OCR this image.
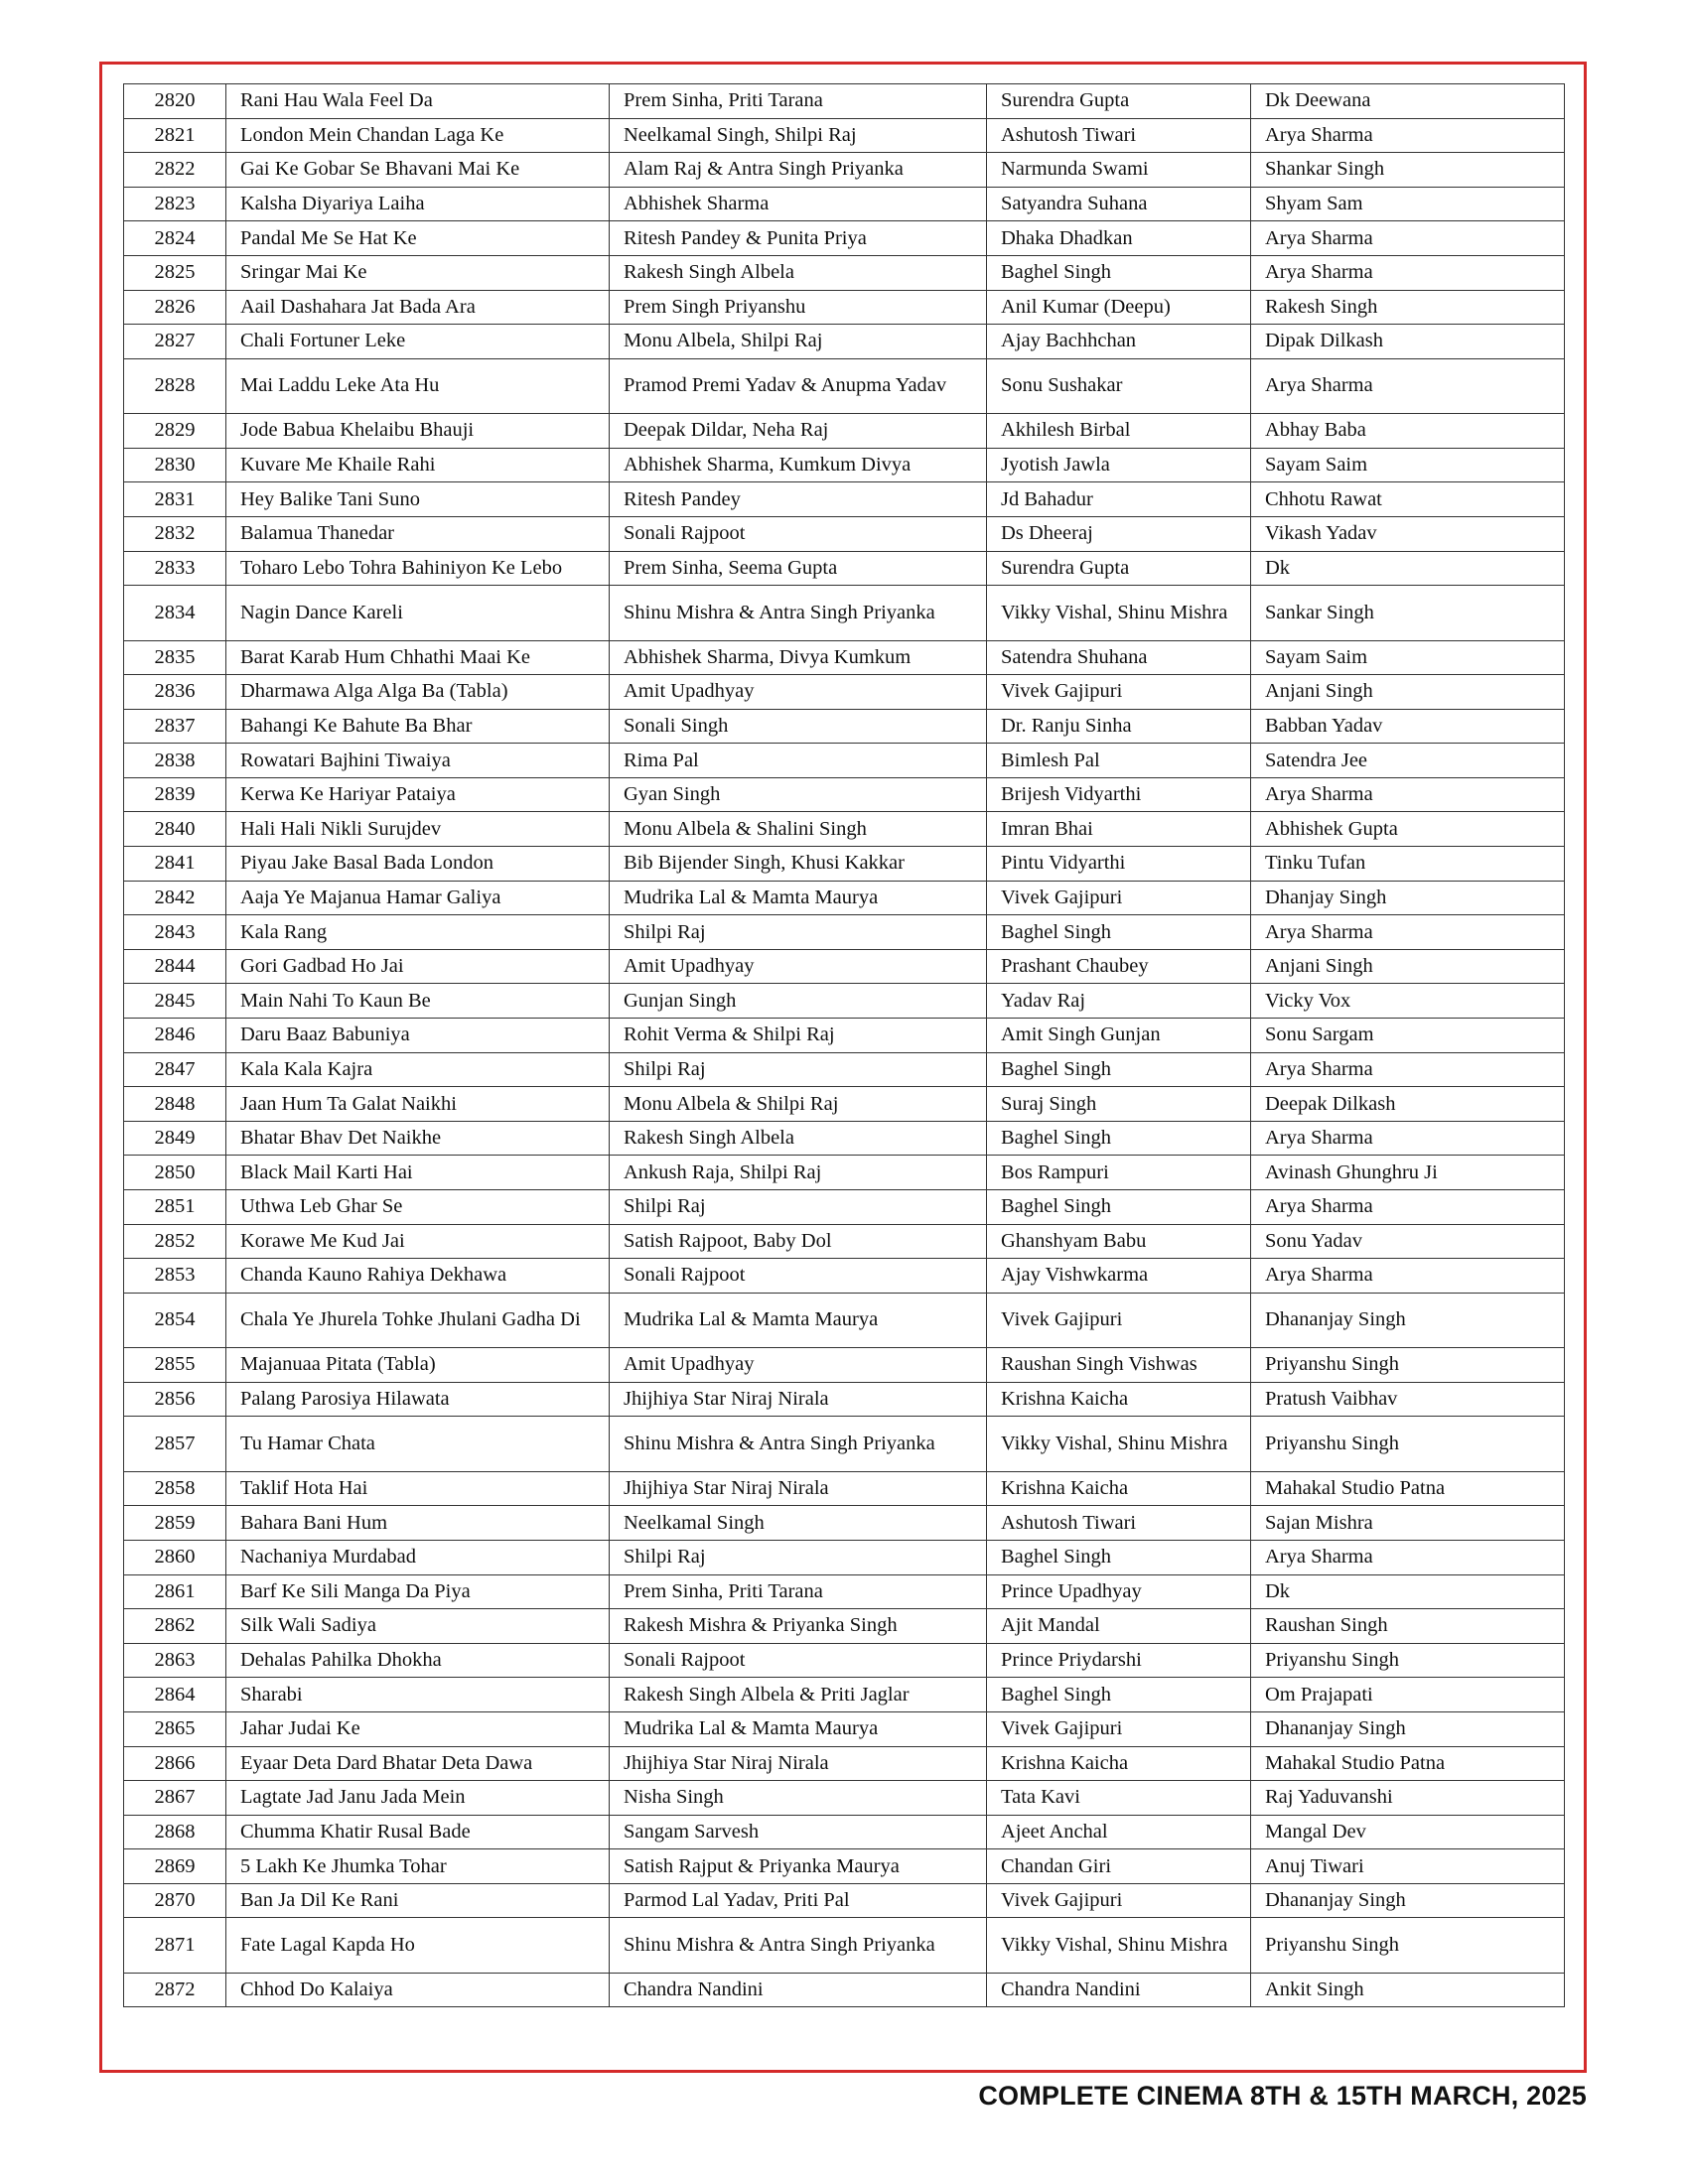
2820	Rani Hau Wala Feel Da	Prem Sinha, Priti Tarana	Surendra Gupta	Dk Deewana
2821	London Mein Chandan Laga Ke	Neelkamal Singh, Shilpi Raj	Ashutosh Tiwari	Arya Sharma
2822	Gai Ke Gobar Se Bhavani Mai Ke	Alam Raj & Antra Singh Priyanka	Narmunda Swami	Shankar Singh
2823	Kalsha Diyariya Laiha	Abhishek Sharma	Satyandra Suhana	Shyam Sam
2824	Pandal Me Se Hat Ke	Ritesh Pandey & Punita Priya	Dhaka Dhadkan	Arya Sharma
2825	Sringar Mai Ke	Rakesh Singh Albela	Baghel Singh	Arya Sharma
2826	Aail Dashahara Jat Bada Ara	Prem Singh Priyanshu	Anil Kumar (Deepu)	Rakesh Singh
2827	Chali Fortuner Leke	Monu Albela, Shilpi Raj	Ajay Bachhchan	Dipak Dilkash
2828	Mai Laddu Leke Ata Hu	Pramod Premi Yadav & Anupma Yadav	Sonu Sushakar	Arya Sharma
2829	Jode Babua Khelaibu Bhauji	Deepak Dildar, Neha Raj	Akhilesh Birbal	Abhay Baba
2830	Kuvare Me Khaile Rahi	Abhishek Sharma, Kumkum Divya	Jyotish Jawla	Sayam Saim
2831	Hey Balike Tani Suno	Ritesh Pandey	Jd Bahadur	Chhotu Rawat
2832	Balamua Thanedar	Sonali Rajpoot	Ds Dheeraj	Vikash Yadav
2833	Toharo Lebo Tohra Bahiniyon Ke Lebo	Prem Sinha, Seema Gupta	Surendra Gupta	Dk
2834	Nagin Dance Kareli	Shinu Mishra & Antra Singh Priyanka	Vikky Vishal, Shinu Mishra	Sankar Singh
2835	Barat Karab Hum Chhathi Maai Ke	Abhishek Sharma, Divya Kumkum	Satendra Shuhana	Sayam Saim
2836	Dharmawa Alga Alga Ba (Tabla)	Amit Upadhyay	Vivek Gajipuri	Anjani Singh
2837	Bahangi Ke Bahute Ba Bhar	Sonali Singh	Dr. Ranju Sinha	Babban Yadav
2838	Rowatari Bajhini Tiwaiya	Rima Pal	Bimlesh Pal	Satendra Jee
2839	Kerwa Ke Hariyar Pataiya	Gyan Singh	Brijesh Vidyarthi	Arya Sharma
2840	Hali Hali Nikli Surujdev	Monu Albela & Shalini Singh	Imran Bhai	Abhishek Gupta
2841	Piyau Jake Basal Bada London	Bib Bijender Singh, Khusi Kakkar	Pintu Vidyarthi	Tinku Tufan
2842	Aaja Ye Majanua Hamar Galiya	Mudrika Lal & Mamta Maurya	Vivek Gajipuri	Dhanjay Singh
2843	Kala Rang	Shilpi Raj	Baghel Singh	Arya Sharma
2844	Gori Gadbad Ho Jai	Amit Upadhyay	Prashant Chaubey	Anjani Singh
2845	Main Nahi To Kaun Be	Gunjan Singh	Yadav Raj	Vicky Vox
2846	Daru Baaz Babuniya	Rohit Verma & Shilpi Raj	Amit Singh Gunjan	Sonu Sargam
2847	Kala Kala Kajra	Shilpi Raj	Baghel Singh	Arya Sharma
2848	Jaan Hum Ta Galat Naikhi	Monu Albela & Shilpi Raj	Suraj Singh	Deepak Dilkash
2849	Bhatar Bhav Det Naikhe	Rakesh Singh Albela	Baghel Singh	Arya Sharma
2850	Black Mail Karti Hai	Ankush Raja, Shilpi Raj	Bos Rampuri	Avinash Ghunghru Ji
2851	Uthwa Leb Ghar Se	Shilpi Raj	Baghel Singh	Arya Sharma
2852	Korawe Me Kud Jai	Satish Rajpoot, Baby Dol	Ghanshyam Babu	Sonu Yadav
2853	Chanda Kauno Rahiya Dekhawa	Sonali Rajpoot	Ajay Vishwkarma	Arya Sharma
2854	Chala Ye Jhurela Tohke Jhulani Gadha Di	Mudrika Lal & Mamta Maurya	Vivek Gajipuri	Dhananjay Singh
2855	Majanuaa Pitata (Tabla)	Amit Upadhyay	Raushan Singh Vishwas	Priyanshu Singh
2856	Palang Parosiya Hilawata	Jhijhiya Star Niraj Nirala	Krishna Kaicha	Pratush Vaibhav
2857	Tu Hamar Chata	Shinu Mishra & Antra Singh Priyanka	Vikky Vishal, Shinu Mishra	Priyanshu Singh
2858	Taklif Hota Hai	Jhijhiya Star Niraj Nirala	Krishna Kaicha	Mahakal Studio Patna
2859	Bahara Bani Hum	Neelkamal Singh	Ashutosh Tiwari	Sajan Mishra
2860	Nachaniya Murdabad	Shilpi Raj	Baghel Singh	Arya Sharma
2861	Barf Ke Sili Manga Da Piya	Prem Sinha, Priti Tarana	Prince Upadhyay	Dk
2862	Silk Wali Sadiya	Rakesh Mishra & Priyanka Singh	Ajit Mandal	Raushan Singh
2863	Dehalas Pahilka Dhokha	Sonali Rajpoot	Prince Priydarshi	Priyanshu Singh
2864	Sharabi	Rakesh Singh Albela & Priti Jaglar	Baghel Singh	Om Prajapati
2865	Jahar Judai Ke	Mudrika Lal & Mamta Maurya	Vivek Gajipuri	Dhananjay Singh
2866	Eyaar Deta Dard Bhatar Deta Dawa	Jhijhiya Star Niraj Nirala	Krishna Kaicha	Mahakal Studio Patna
2867	Lagtate Jad Janu Jada Mein	Nisha Singh	Tata Kavi	Raj Yaduvanshi
2868	Chumma Khatir Rusal Bade	Sangam Sarvesh	Ajeet Anchal	Mangal Dev
2869	5 Lakh Ke Jhumka Tohar	Satish Rajput & Priyanka Maurya	Chandan Giri	Anuj Tiwari
2870	Ban Ja Dil Ke Rani	Parmod Lal Yadav, Priti Pal	Vivek Gajipuri	Dhananjay Singh
2871	Fate Lagal Kapda Ho	Shinu Mishra & Antra Singh Priyanka	Vikky Vishal, Shinu Mishra	Priyanshu Singh
2872	Chhod Do Kalaiya	Chandra Nandini	Chandra Nandini	Ankit Singh
COMPLETE CINEMA 8TH & 15TH MARCH, 2025
